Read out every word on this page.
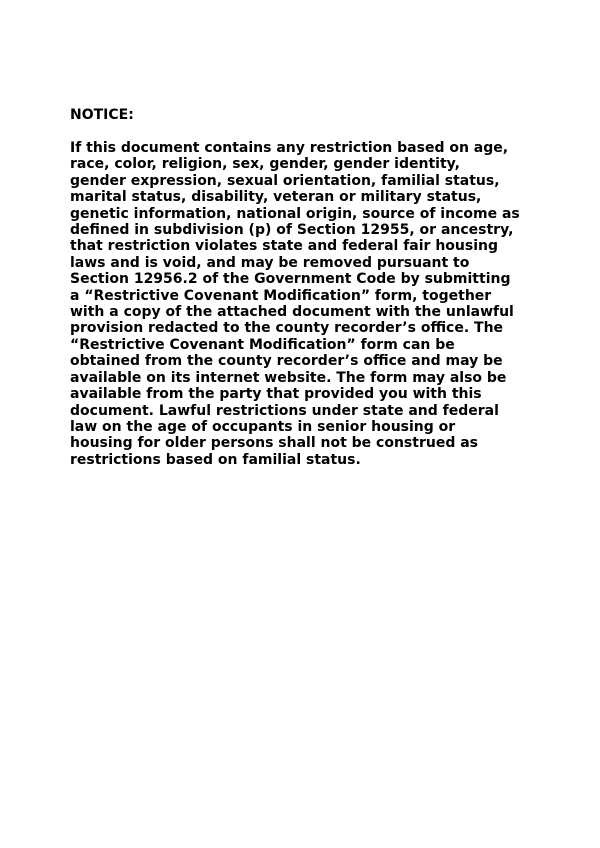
NOTICE:
If this document contains any restriction based on age,
race, color, religion, sex, gender, gender identity,
gender expression, sexual orientation, familial status,
marital status, disability, veteran or military status,
genetic information, national origin, source of income as
defined in subdivision (p) of Section 12955, or ancestry,
that restriction violates state and federal fair housing
laws and is void, and may be removed pursuant to
Section 12956.2 of the Government Code by submitting
a “Restrictive Covenant Modification” form, together
with a copy of the attached document with the unlawful
provision redacted to the county recorder’s office. The
“Restrictive Covenant Modification” form can be
obtained from the county recorder’s office and may be
available on its internet website. The form may also be
available from the party that provided you with this
document. Lawful restrictions under state and federal
law on the age of occupants in senior housing or
housing for older persons shall not be construed as
restrictions based on familial status.
